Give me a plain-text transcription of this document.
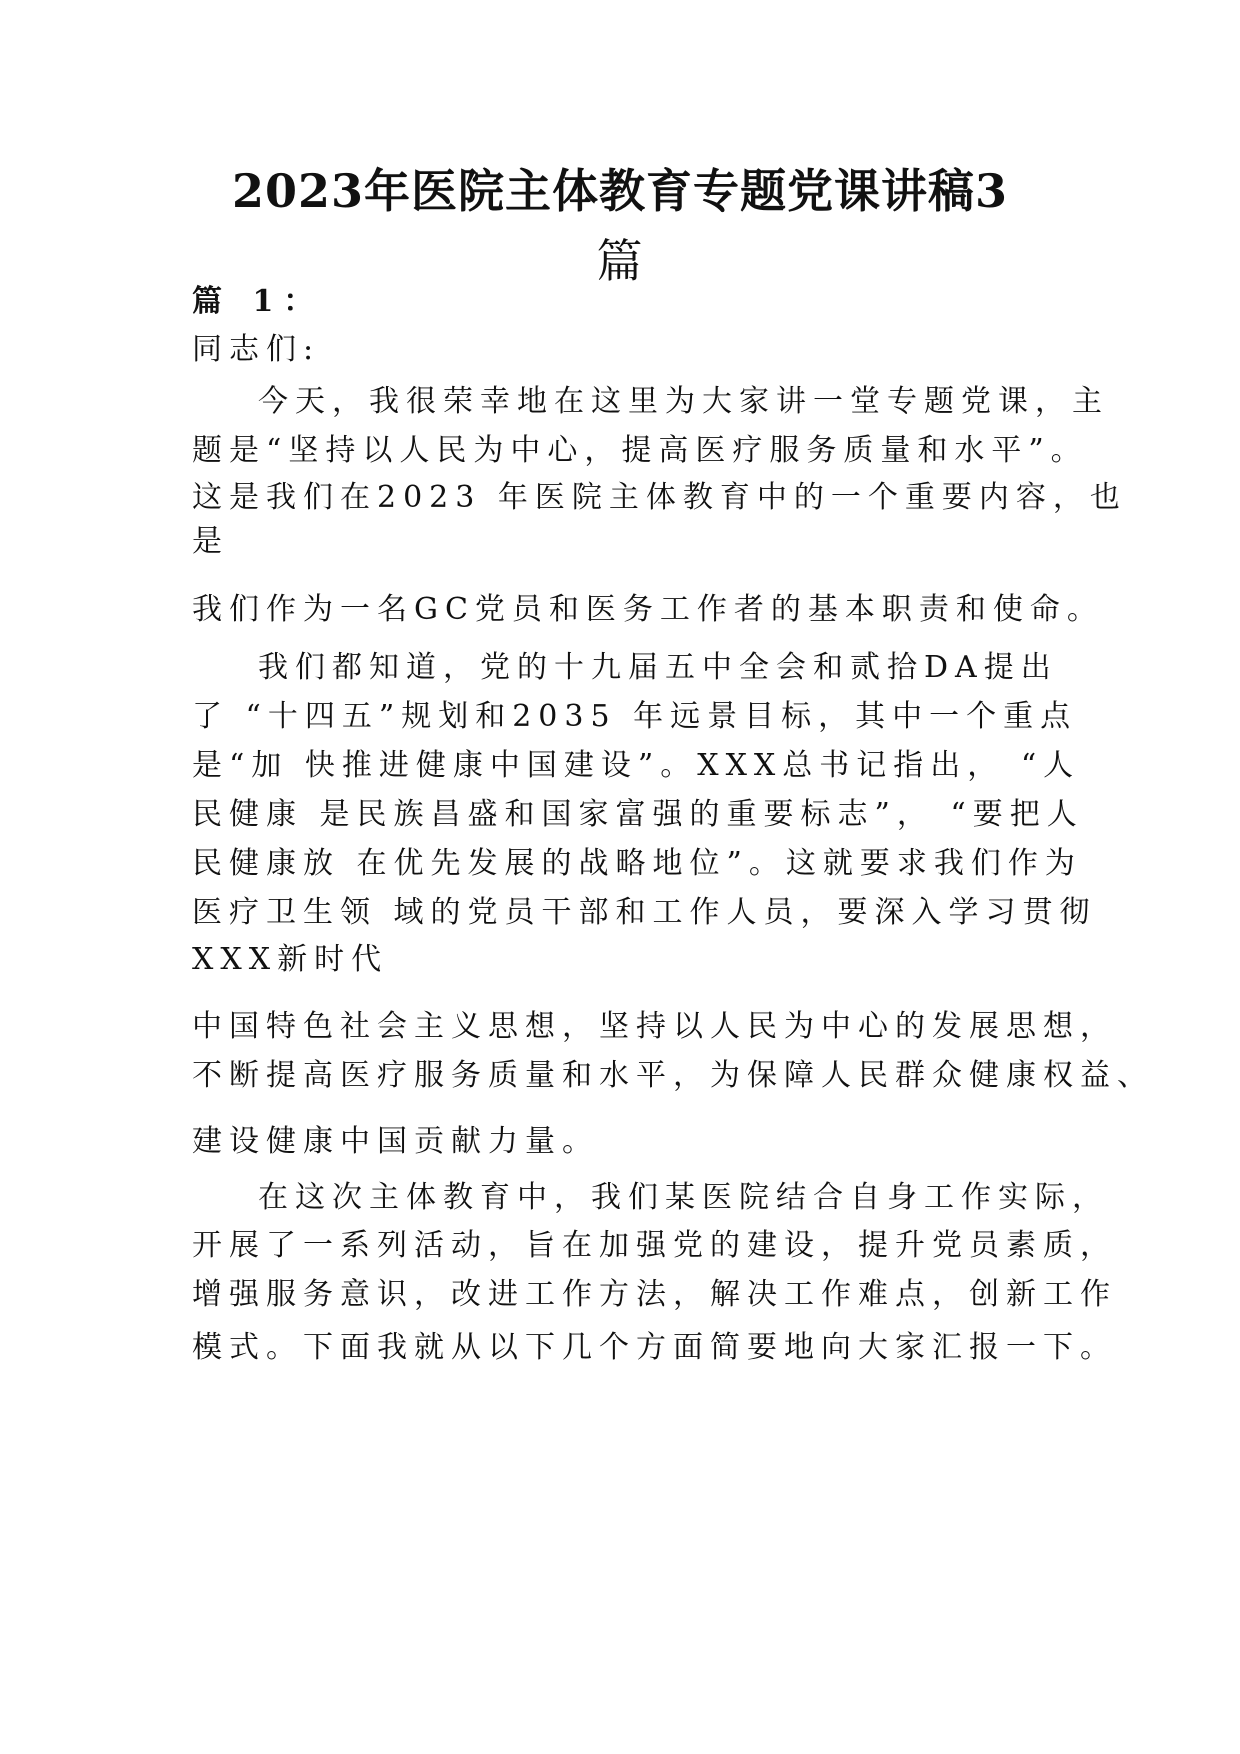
2023年医院主体教育专题党课讲稿3
篇

篇 1：

同志们:

今天，我很荣幸地在这里为大家讲一堂专题党课，主

题是“坚持以人民为中心，提高医疗服务质量和水平”。

这是我们在2023 年医院主体教育中的一个重要内容，也

是

我们作为一名GC党员和医务工作者的基本职责和使命。

我们都知道，党的十九届五中全会和贰拾DA提出

了 “十四五”规划和2035 年远景目标，其中一个重点

是“加 快推进健康中国建设”。XXX总书记指出， “人

民健康 是民族昌盛和国家富强的重要标志”， “要把人

民健康放 在优先发展的战略地位”。这就要求我们作为

医疗卫生领 域的党员干部和工作人员，要深入学习贯彻

XXX新时代

中国特色社会主义思想，坚持以人民为中心的发展思想，

不断提高医疗服务质量和水平，为保障人民群众健康权益、

建设健康中国贡献力量。

在这次主体教育中，我们某医院结合自身工作实际，

开展了一系列活动，旨在加强党的建设，提升党员素质，

增强服务意识，改进工作方法，解决工作难点，创新工作

模式。下面我就从以下几个方面简要地向大家汇报一下。
